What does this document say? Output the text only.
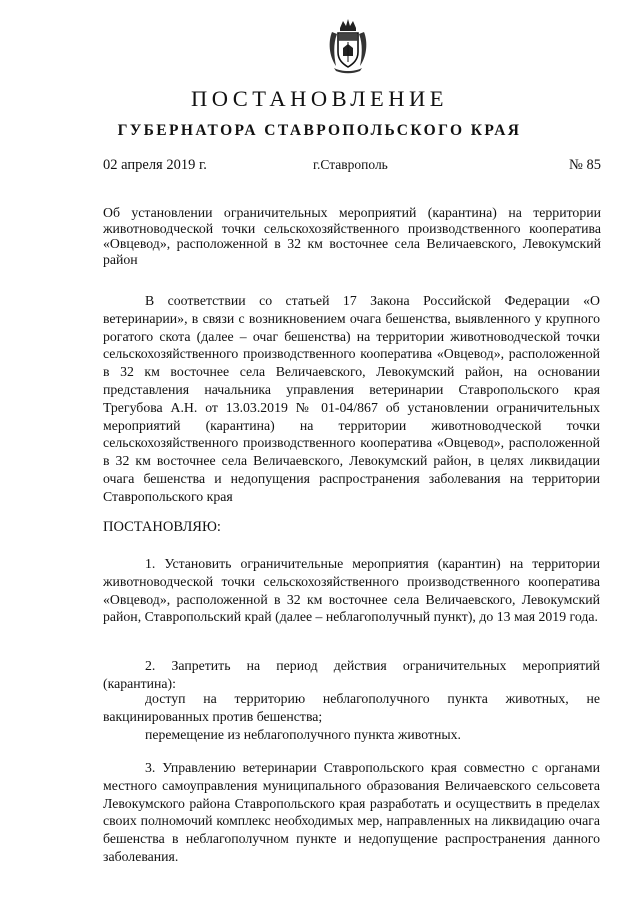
ПОСТАНОВЛЕНИЕ
ГУБЕРНАТОРА СТАВРОПОЛЬСКОГО КРАЯ
02 апреля 2019 г.	г.Ставрополь	№ 85

Об установлении ограничительных мероприятий (карантина) на территории животноводческой точки сельскохозяйственного производственного кооператива «Овцевод», расположенной в 32 км восточнее села Величаевского, Левокумский район

В соответствии со статьей 17 Закона Российской Федерации «О ветеринарии», в связи с возникновением очага бешенства, выявленного у крупного рогатого скота (далее – очаг бешенства) на территории животноводческой точки сельскохозяйственного производственного кооператива «Овцевод», расположенной в 32 км восточнее села Величаевского, Левокумский район, на основании представления начальника управления ветеринарии Ставропольского края Трегубова А.Н. от 13.03.2019 № 01-04/867 об установлении ограничительных мероприятий (карантина) на территории животноводческой точки сельскохозяйственного производственного кооператива «Овцевод», расположенной в 32 км восточнее села Величаевского, Левокумский район, в целях ликвидации очага бешенства и недопущения распространения заболевания на территории Ставропольского края

ПОСТАНОВЛЯЮ:

1. Установить ограничительные мероприятия (карантин) на территории животноводческой точки сельскохозяйственного производственного кооператива «Овцевод», расположенной в 32 км восточнее села Величаевского, Левокумский район, Ставропольский край (далее – неблагополучный пункт), до 13 мая 2019 года.

2. Запретить на период действия ограничительных мероприятий (карантина):

доступ на территорию неблагополучного пункта животных, не вакцинированных против бешенства;

перемещение из неблагополучного пункта животных.

3. Управлению ветеринарии Ставропольского края совместно с органами местного самоуправления муниципального образования Величаевского сельсовета Левокумского района Ставропольского края разработать и осуществить в пределах своих полномочий комплекс необходимых мер, направленных на ликвидацию очага бешенства в неблагополучном пункте и недопущение распространения данного заболевания.
